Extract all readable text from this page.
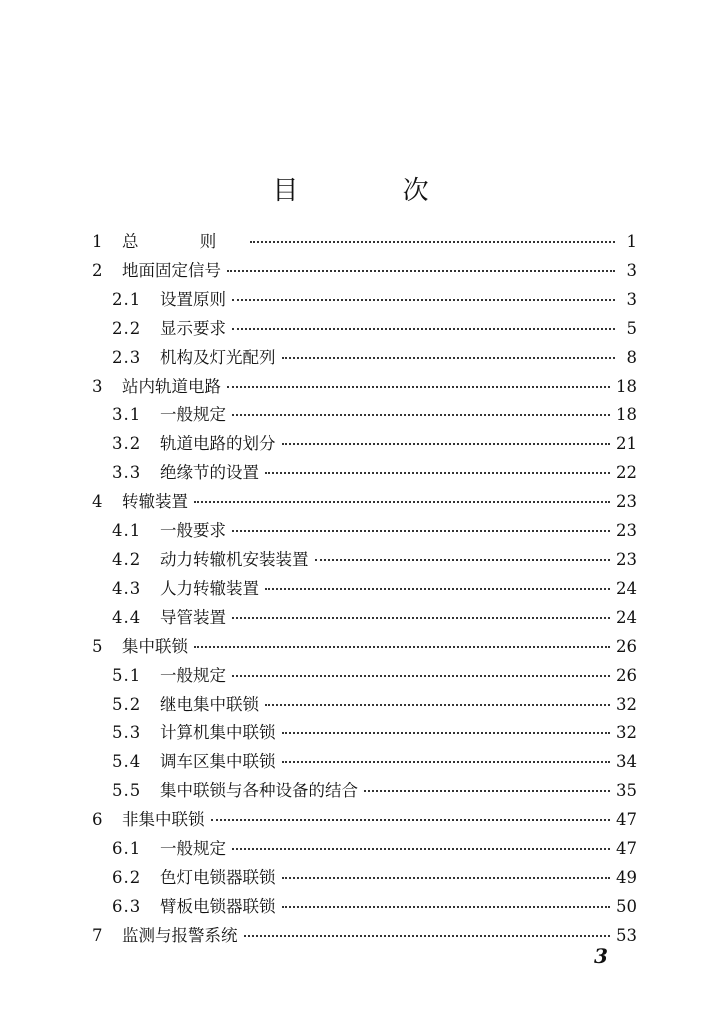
目 次
1	总 则	1
2	地面固定信号	3
2.1	设置原则	3
2.2	显示要求	5
2.3	机构及灯光配列	8
3	站内轨道电路	18
3.1	一般规定	18
3.2	轨道电路的划分	21
3.3	绝缘节的设置	22
4	转辙装置	23
4.1	一般要求	23
4.2	动力转辙机安装装置	23
4.3	人力转辙装置	24
4.4	导管装置	24
5	集中联锁	26
5.1	一般规定	26
5.2	继电集中联锁	32
5.3	计算机集中联锁	32
5.4	调车区集中联锁	34
5.5	集中联锁与各种设备的结合	35
6	非集中联锁	47
6.1	一般规定	47
6.2	色灯电锁器联锁	49
6.3	臂板电锁器联锁	50
7	监测与报警系统	53
3
